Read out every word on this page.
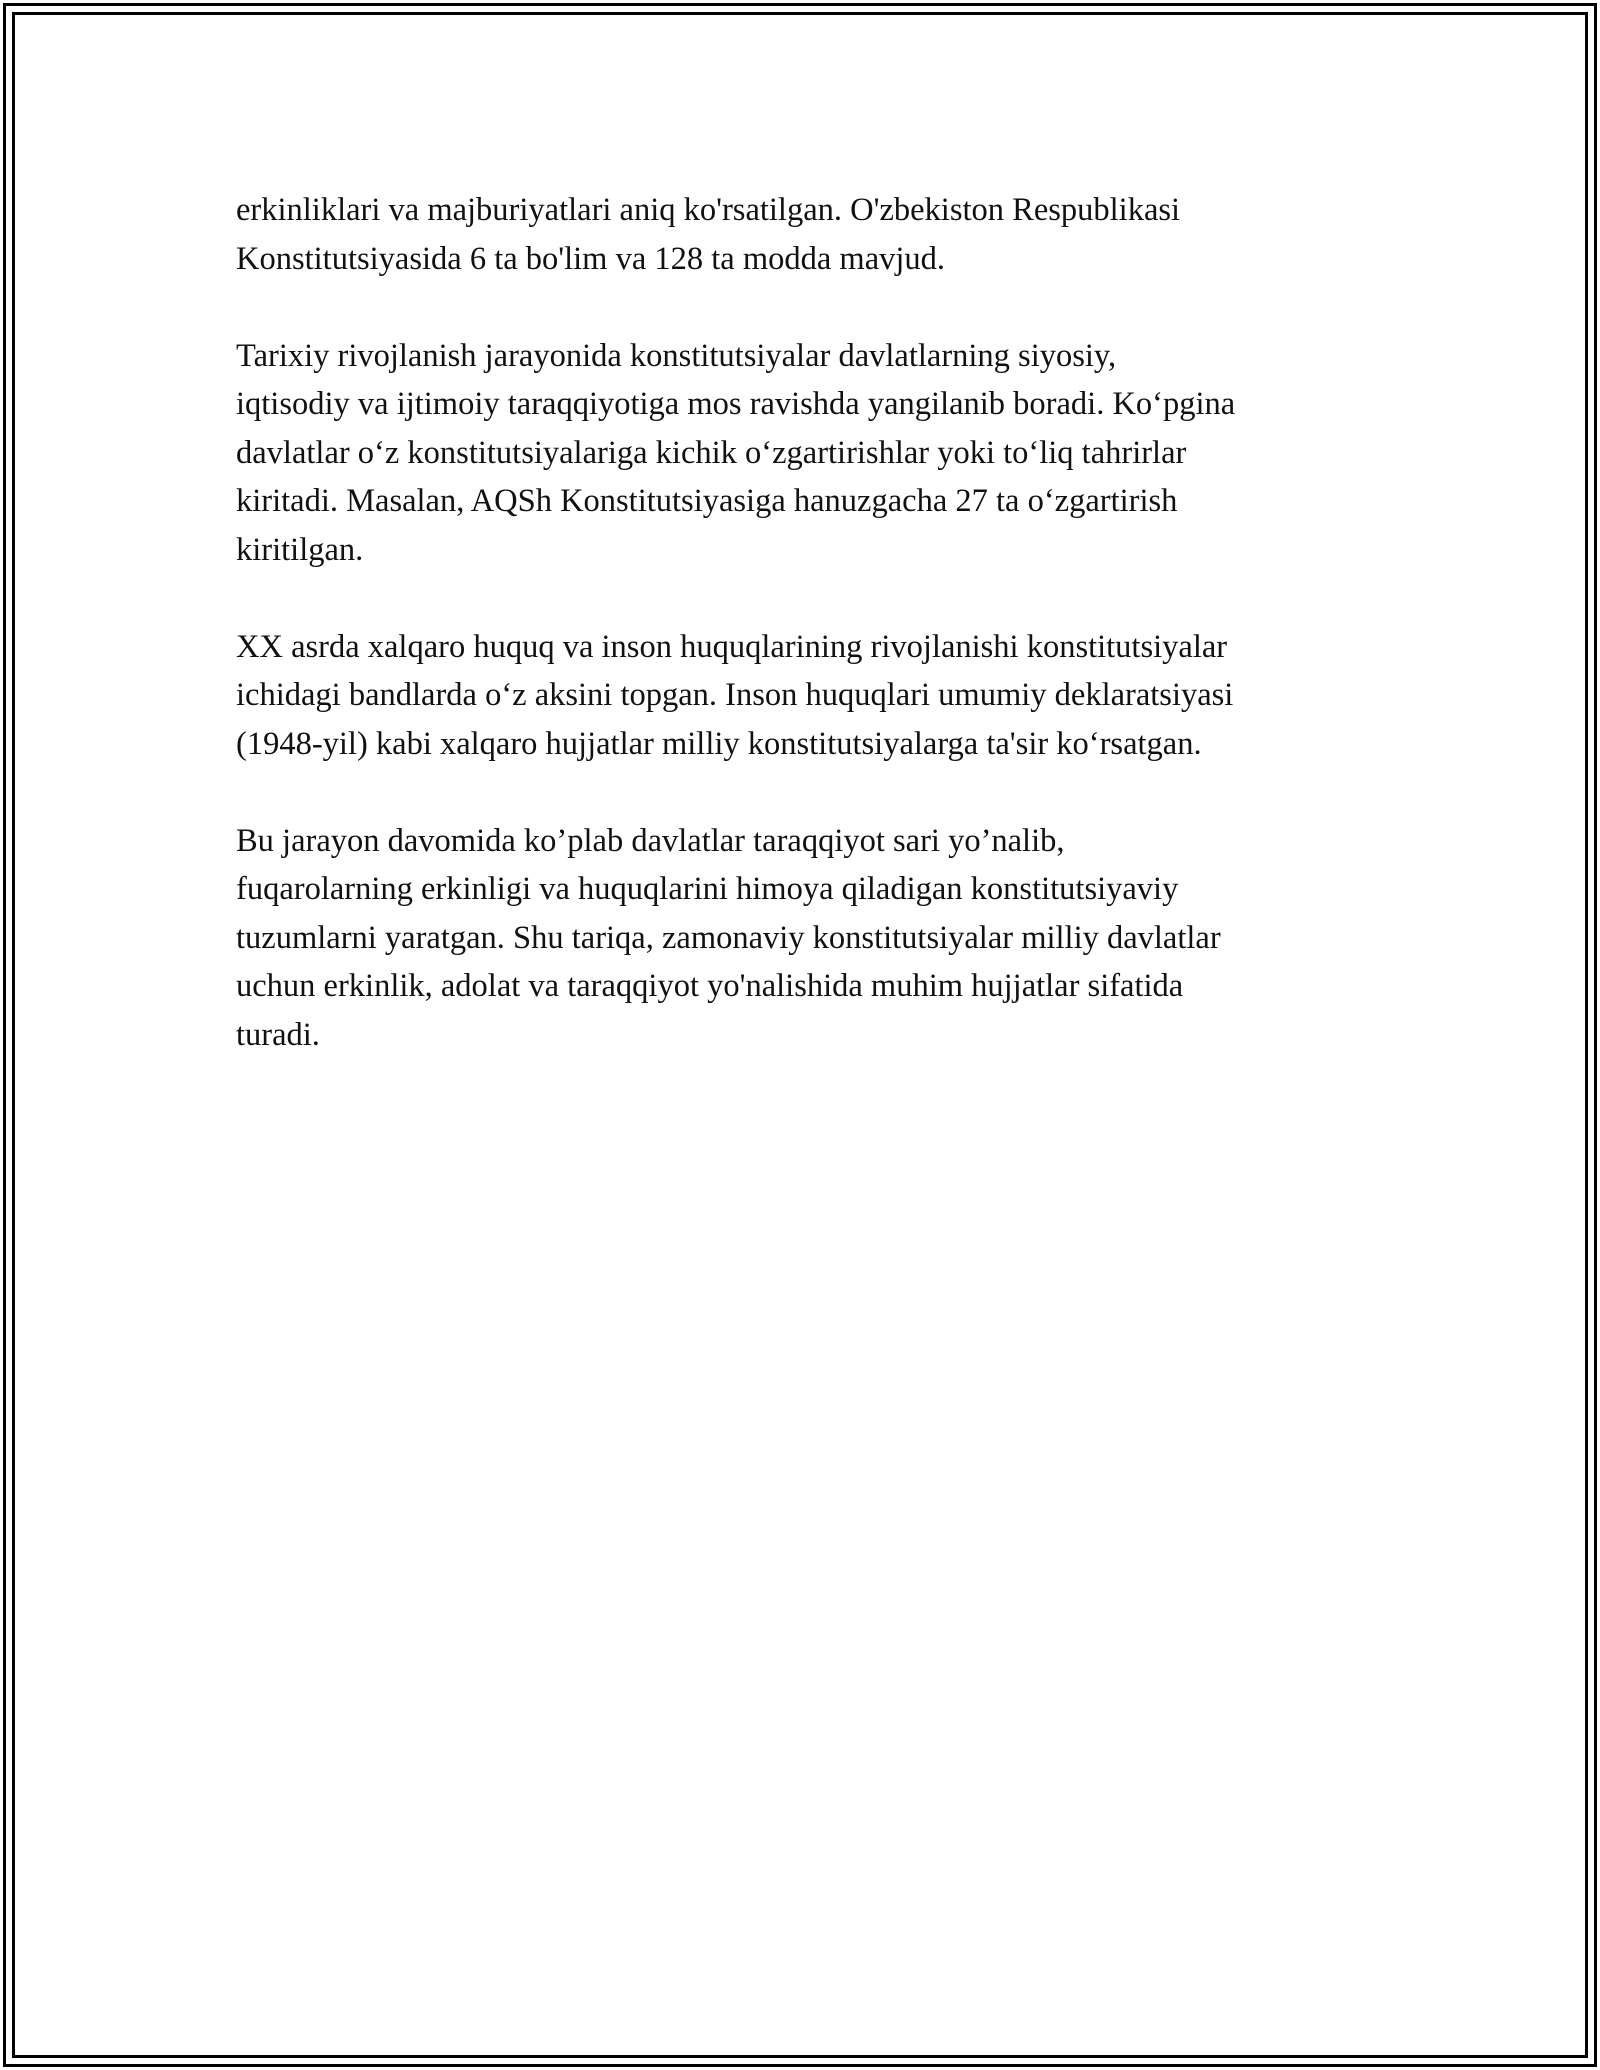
erkinliklari va majburiyatlari aniq ko'rsatilgan. O'zbekiston Respublikasi
Konstitutsiyasida 6 ta bo'lim va 128 ta modda mavjud.

Tarixiy rivojlanish jarayonida konstitutsiyalar davlatlarning siyosiy,
iqtisodiy va ijtimoiy taraqqiyotiga mos ravishda yangilanib boradi. Koʻpgina
davlatlar oʻz konstitutsiyalariga kichik oʻzgartirishlar yoki toʻliq tahrirlar
kiritadi. Masalan, AQSh Konstitutsiyasiga hanuzgacha 27 ta oʻzgartirish
kiritilgan.

XX asrda xalqaro huquq va inson huquqlarining rivojlanishi konstitutsiyalar
ichidagi bandlarda oʻz aksini topgan. Inson huquqlari umumiy deklaratsiyasi
(1948-yil) kabi xalqaro hujjatlar milliy konstitutsiyalarga ta'sir koʻrsatgan.

Bu jarayon davomida ko’plab davlatlar taraqqiyot sari yo’nalib,
fuqarolarning erkinligi va huquqlarini himoya qiladigan konstitutsiyaviy
tuzumlarni yaratgan. Shu tariqa, zamonaviy konstitutsiyalar milliy davlatlar
uchun erkinlik, adolat va taraqqiyot yo'nalishida muhim hujjatlar sifatida
turadi.
